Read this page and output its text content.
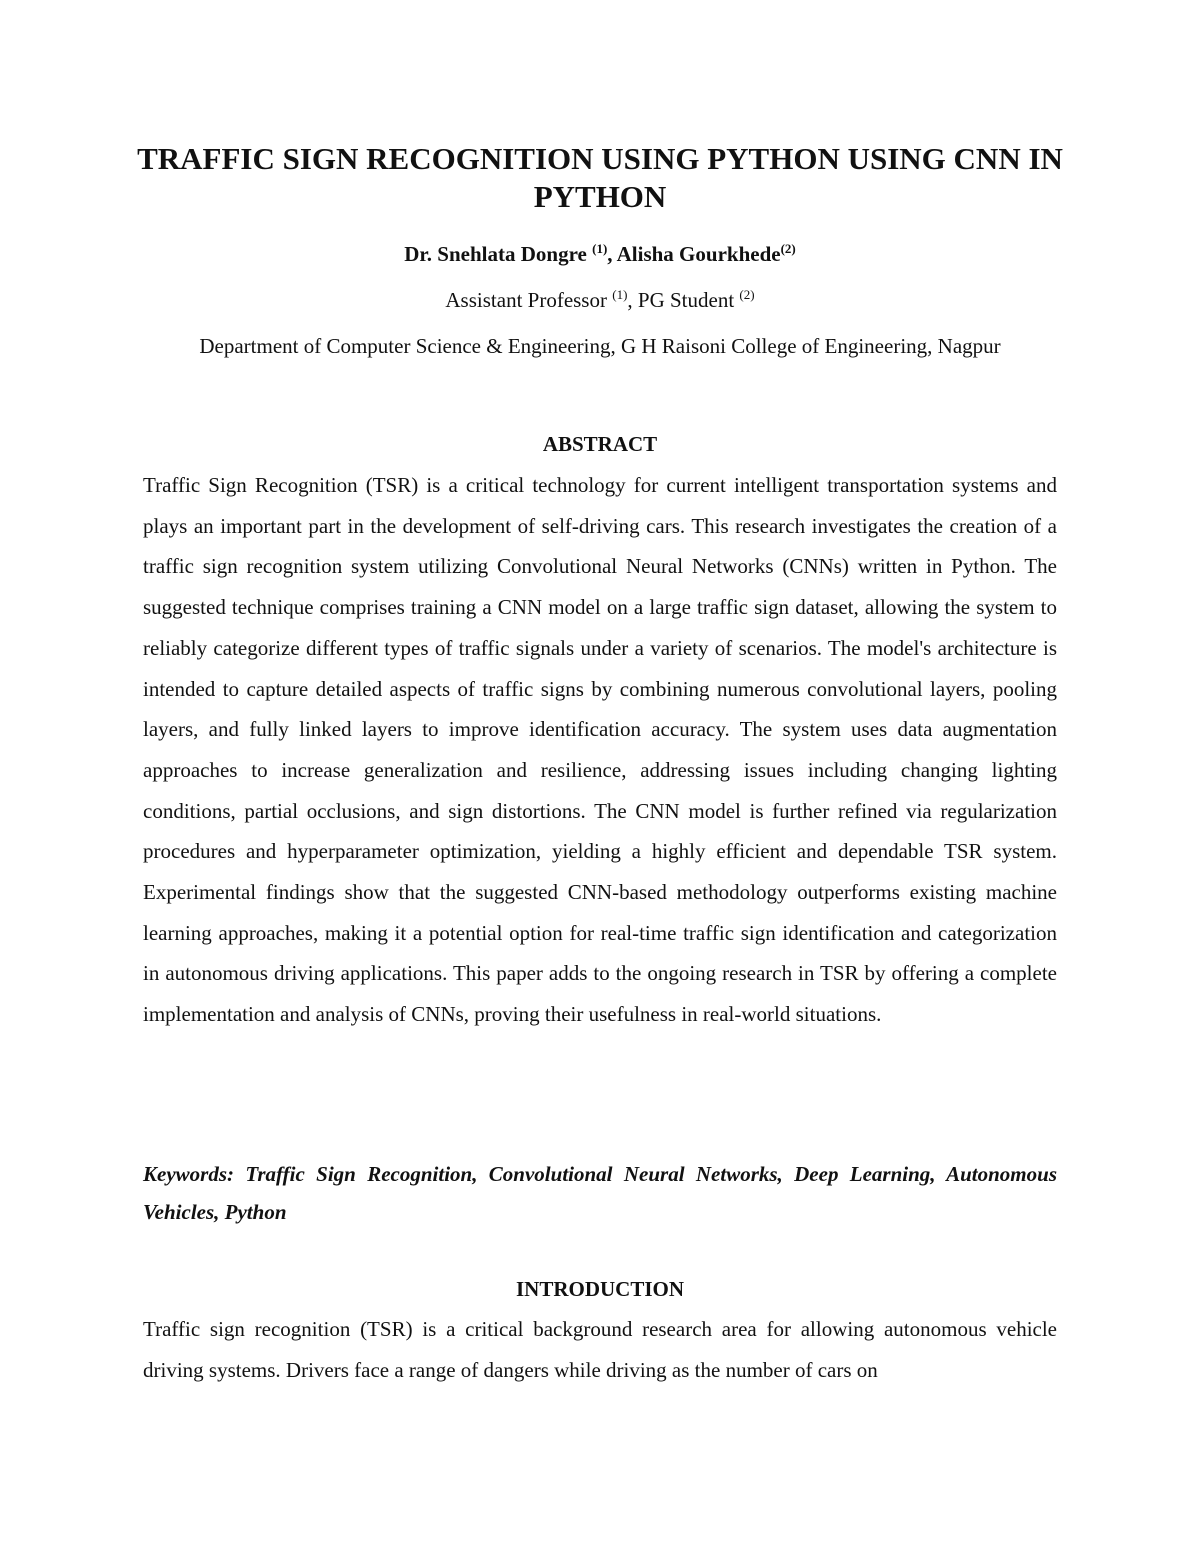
TRAFFIC SIGN RECOGNITION USING PYTHON USING CNN IN PYTHON

Dr. Snehlata Dongre $^{(1)}$, Alisha Gourkhede$^{(2)}$

Assistant Professor $^{(1)}$, PG Student $^{(2)}$

Department of Computer Science & Engineering, G H Raisoni College of Engineering, Nagpur

ABSTRACT

Traffic Sign Recognition (TSR) is a critical technology for current intelligent transportation systems and plays an important part in the development of self-driving cars. This research investigates the creation of a traffic sign recognition system utilizing Convolutional Neural Networks (CNNs) written in Python. The suggested technique comprises training a CNN model on a large traffic sign dataset, allowing the system to reliably categorize different types of traffic signals under a variety of scenarios. The model's architecture is intended to capture detailed aspects of traffic signs by combining numerous convolutional layers, pooling layers, and fully linked layers to improve identification accuracy. The system uses data augmentation approaches to increase generalization and resilience, addressing issues including changing lighting conditions, partial occlusions, and sign distortions. The CNN model is further refined via regularization procedures and hyperparameter optimization, yielding a highly efficient and dependable TSR system. Experimental findings show that the suggested CNN-based methodology outperforms existing machine learning approaches, making it a potential option for real-time traffic sign identification and categorization in autonomous driving applications. This paper adds to the ongoing research in TSR by offering a complete implementation and analysis of CNNs, proving their usefulness in real-world situations.

Keywords: Traffic Sign Recognition, Convolutional Neural Networks, Deep Learning, Autonomous Vehicles, Python

INTRODUCTION

Traffic sign recognition (TSR) is a critical background research area for allowing autonomous vehicle driving systems. Drivers face a range of dangers while driving as the number of cars on
